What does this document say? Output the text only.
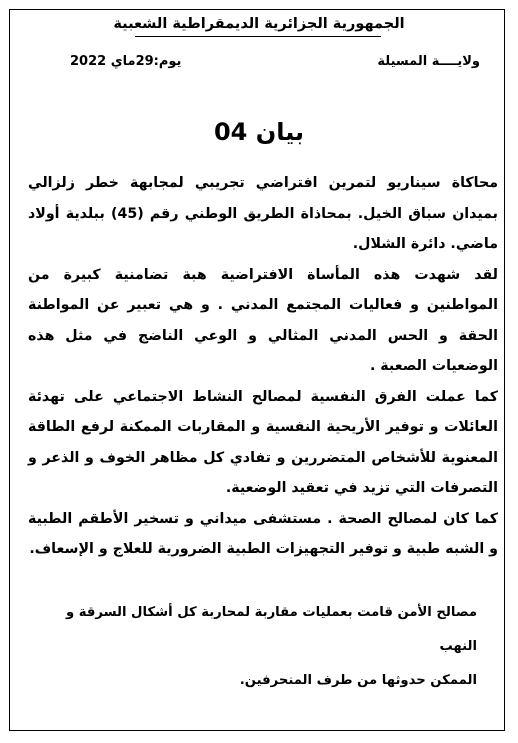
الجمهورية الجزائرية الديمقراطية الشعبية
ولايــــة المسيلة
يوم:29ماي 2022
بيان 04

محاكاة سيناريو لتمرين افتراضي تجريبي لمجابهة خطر زلزالي بميدان سباق الخيل. بمحاذاة الطريق الوطني رقم (45) ببلدية أولاد ماضي. دائرة الشلال.

لقد شهدت هذه المأساة الافتراضية هبة تضامنية كبيرة من المواطنين و فعاليات المجتمع المدني . و هي تعبير عن المواطنة الحقة و الحس المدني المثالي و الوعي الناضج في مثل هذه الوضعيات الصعبة .

كما عملت الفرق النفسية لمصالح النشاط الاجتماعي على تهدئة العائلات و توفير الأريحية النفسية و المقاربات الممكنة لرفع الطاقة المعنوية للأشخاص المتضررين و تفادي كل مظاهر الخوف و الذعر و التصرفات التي تزيد في تعقيد الوضعية.

كما كان لمصالح الصحة . مستشفى ميداني و تسخير الأطقم الطبية و الشبه طبية و توفير التجهيزات الطبية الضرورية للعلاج و الإسعاف.

مصالح الأمن قامت بعمليات مقاربة لمحاربة كل أشكال السرقة و النهب

الممكن حدوثها من طرف المنحرفين.
